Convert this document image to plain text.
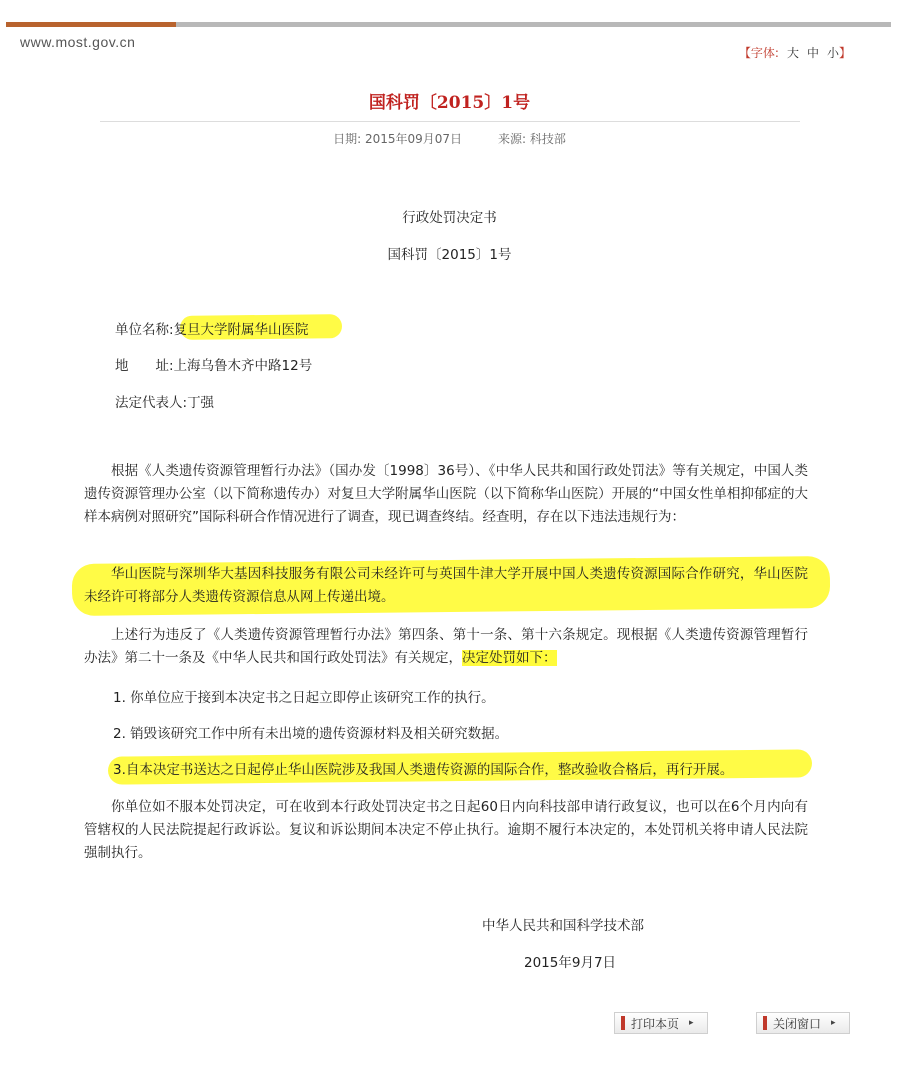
www.most.gov.cn
【字体: 大 中 小】
国科罚〔2015〕1号
日期: 2015年09月07日	来源: 科技部
行政处罚决定书
国科罚〔2015〕1号
单位名称:复旦大学附属华山医院
地　　址:上海乌鲁木齐中路12号
法定代表人:丁强

根据《人类遗传资源管理暂行办法》（国办发〔1998〕36号）、《中华人民共和国行政处罚法》等有关规定，中国人类遗传资源管理办公室（以下简称遗传办）对复旦大学附属华山医院（以下简称华山医院）开展的“中国女性单相抑郁症的大样本病例对照研究”国际科研合作情况进行了调查，现已调查终结。经查明，存在以下违法违规行为：

华山医院与深圳华大基因科技服务有限公司未经许可与英国牛津大学开展中国人类遗传资源国际合作研究，华山医院未经许可将部分人类遗传资源信息从网上传递出境。

上述行为违反了《人类遗传资源管理暂行办法》第四条、第十一条、第十六条规定。现根据《人类遗传资源管理暂行办法》第二十一条及《中华人民共和国行政处罚法》有关规定，决定处罚如下：

1. 你单位应于接到本决定书之日起立即停止该研究工作的执行。
2. 销毁该研究工作中所有未出境的遗传资源材料及相关研究数据。
3.自本决定书送达之日起停止华山医院涉及我国人类遗传资源的国际合作，整改验收合格后，再行开展。

你单位如不服本处罚决定，可在收到本行政处罚决定书之日起60日内向科技部申请行政复议，也可以在6个月内向有管辖权的人民法院提起行政诉讼。复议和诉讼期间本决定不停止执行。逾期不履行本决定的，本处罚机关将申请人民法院强制执行。

中华人民共和国科学技术部
2015年9月7日
打印本页 ▸	关闭窗口 ▸
